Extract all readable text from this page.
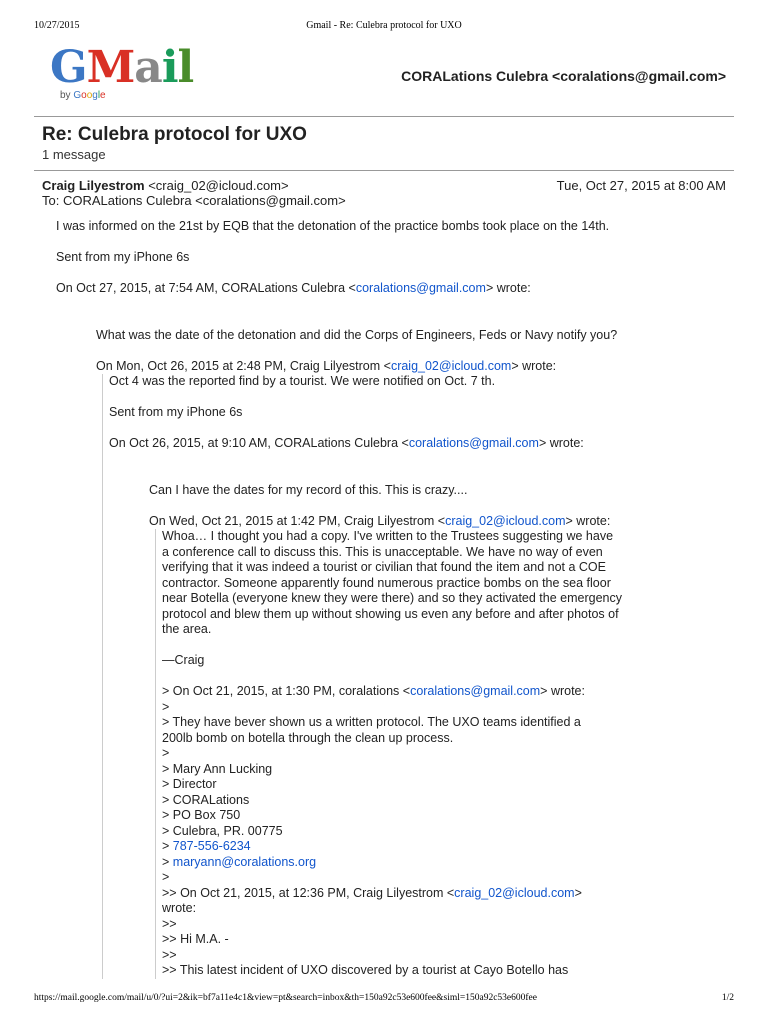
10/27/2015	Gmail - Re: Culebra protocol for UXO
GMail
by Google
CORALations Culebra <coralations@gmail.com>
Re: Culebra protocol for UXO
1 message
Craig Lilyestrom <craig_02@icloud.com>	Tue, Oct 27, 2015 at 8:00 AM
To: CORALations Culebra <coralations@gmail.com>

I was informed on the 21st by EQB that the detonation of the practice bombs took place on the 14th.

Sent from my iPhone 6s

On Oct 27, 2015, at 7:54 AM, CORALations Culebra <coralations@gmail.com> wrote:

What was the date of the detonation and did the Corps of Engineers, Feds or Navy notify you?

On Mon, Oct 26, 2015 at 2:48 PM, Craig Lilyestrom <craig_02@icloud.com> wrote:

Oct 4 was the reported find by a tourist. We were notified on Oct. 7 th.

Sent from my iPhone 6s

On Oct 26, 2015, at 9:10 AM, CORALations Culebra <coralations@gmail.com> wrote:

Can I have the dates for my record of this. This is crazy....

On Wed, Oct 21, 2015 at 1:42 PM, Craig Lilyestrom <craig_02@icloud.com> wrote:

Whoa… I thought you had a copy. I've written to the Trustees suggesting we have a conference call to discuss this. This is unacceptable. We have no way of even verifying that it was indeed a tourist or civilian that found the item and not a COE contractor. Someone apparently found numerous practice bombs on the sea floor near Botella (everyone knew they were there) and so they activated the emergency protocol and blew them up without showing us even any before and after photos of the area.

—Craig

> On Oct 21, 2015, at 1:30 PM, coralations <coralations@gmail.com> wrote:

>

> They have bever shown us a written protocol. The UXO teams identified a

200lb bomb on botella through the clean up process.

>

> Mary Ann Lucking

> Director

> CORALations

> PO Box 750

> Culebra, PR. 00775

> 787-556-6234

> maryann@coralations.org

>

>> On Oct 21, 2015, at 12:36 PM, Craig Lilyestrom <craig_02@icloud.com>

wrote:

>>

>> Hi M.A. -

>>

>> This latest incident of UXO discovered by a tourist at Cayo Botello has

https://mail.google.com/mail/u/0/?ui=2&ik=bf7a11e4c1&view=pt&search=inbox&th=150a92c53e600fee&siml=150a92c53e600fee	1/2
